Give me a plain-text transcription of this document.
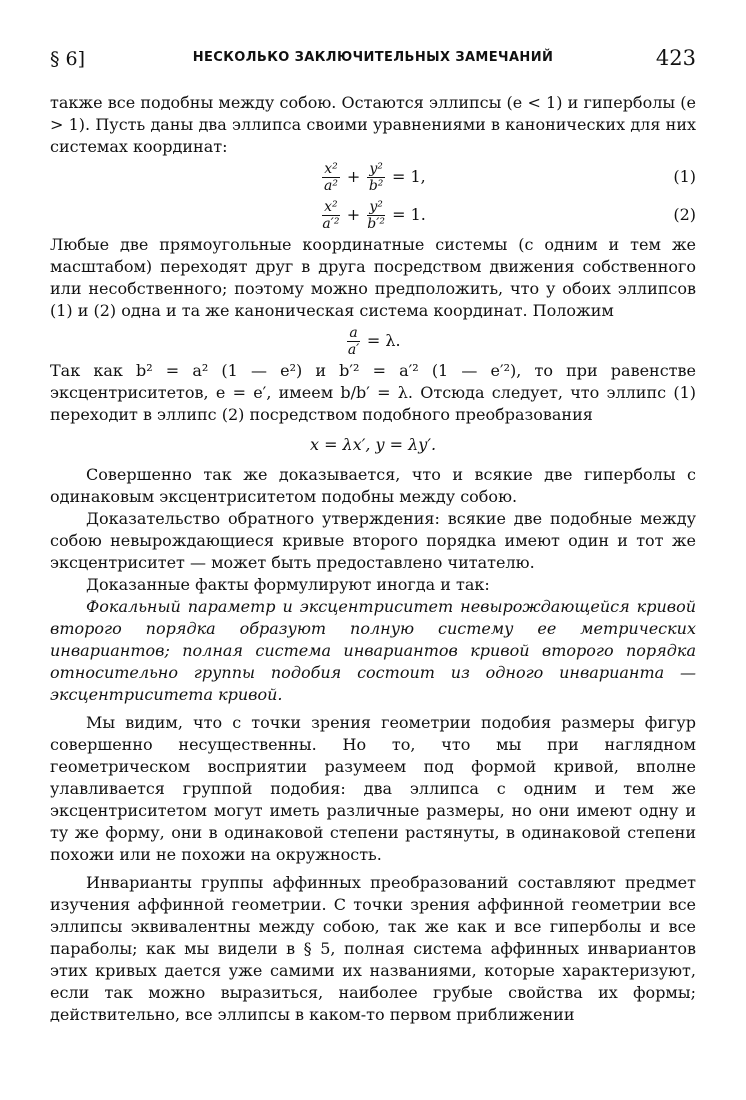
§ 6]	НЕСКОЛЬКО ЗАКЛЮЧИТЕЛЬНЫХ ЗАМЕЧАНИЙ	423

также все подобны между собою. Остаются эллипсы (e < 1) и гиперболы (e > 1). Пусть даны два эллипса своими уравнениями в канонических для них системах координат:

$\frac{\text{x²}}{\text{a²}} + \frac{\text{y²}}{\text{b²}} = 1$,	(1)
$\frac{\text{x²}}{\text{a′²}} + \frac{\text{y²}}{\text{b′²}} = 1$.	(2)

Любые две прямоугольные координатные системы (с одним и тем же масштабом) переходят друг в друга посредством движения собственного или несобственного; поэтому можно предположить, что у обоих эллипсов (1) и (2) одна и та же каноническая система координат. Положим

$\frac{a}{a'} = \lambda$.

Так как b² = a² (1 — e²) и b′² = a′² (1 — e′²), то при равенстве эксцентриситетов, e = e′, имеем b/b′ = λ. Отсюда следует, что эллипс (1) переходит в эллипс (2) посредством подобного преобразования

x = λx′, y = λy′.

Совершенно так же доказывается, что и всякие две гиперболы с одинаковым эксцентриситетом подобны между собою.

Доказательство обратного утверждения: всякие две подобные между собою невырождающиеся кривые второго порядка имеют один и тот же эксцентриситет — может быть предоставлено читателю.

Доказанные факты формулируют иногда и так:

Фокальный параметр и эксцентриситет невырождающейся кривой второго порядка образуют полную систему ее метрических инвариантов; полная система инвариантов кривой второго порядка относительно группы подобия состоит из одного инварианта — эксцентриситета кривой.

Мы видим, что с точки зрения геометрии подобия размеры фигур совершенно несущественны. Но то, что мы при наглядном геометрическом восприятии разумеем под формой кривой, вполне улавливается группой подобия: два эллипса с одним и тем же эксцентриситетом могут иметь различные размеры, но они имеют одну и ту же форму, они в одинаковой степени растянуты, в одинаковой степени похожи или не похожи на окружность.

Инварианты группы аффинных преобразований составляют предмет изучения аффинной геометрии. С точки зрения аффинной геометрии все эллипсы эквивалентны между собою, так же как и все гиперболы и все параболы; как мы видели в § 5, полная система аффинных инвариантов этих кривых дается уже самими их названиями, которые характеризуют, если так можно выразиться, наиболее грубые свойства их формы; действительно, все эллипсы в каком-то первом приближении
